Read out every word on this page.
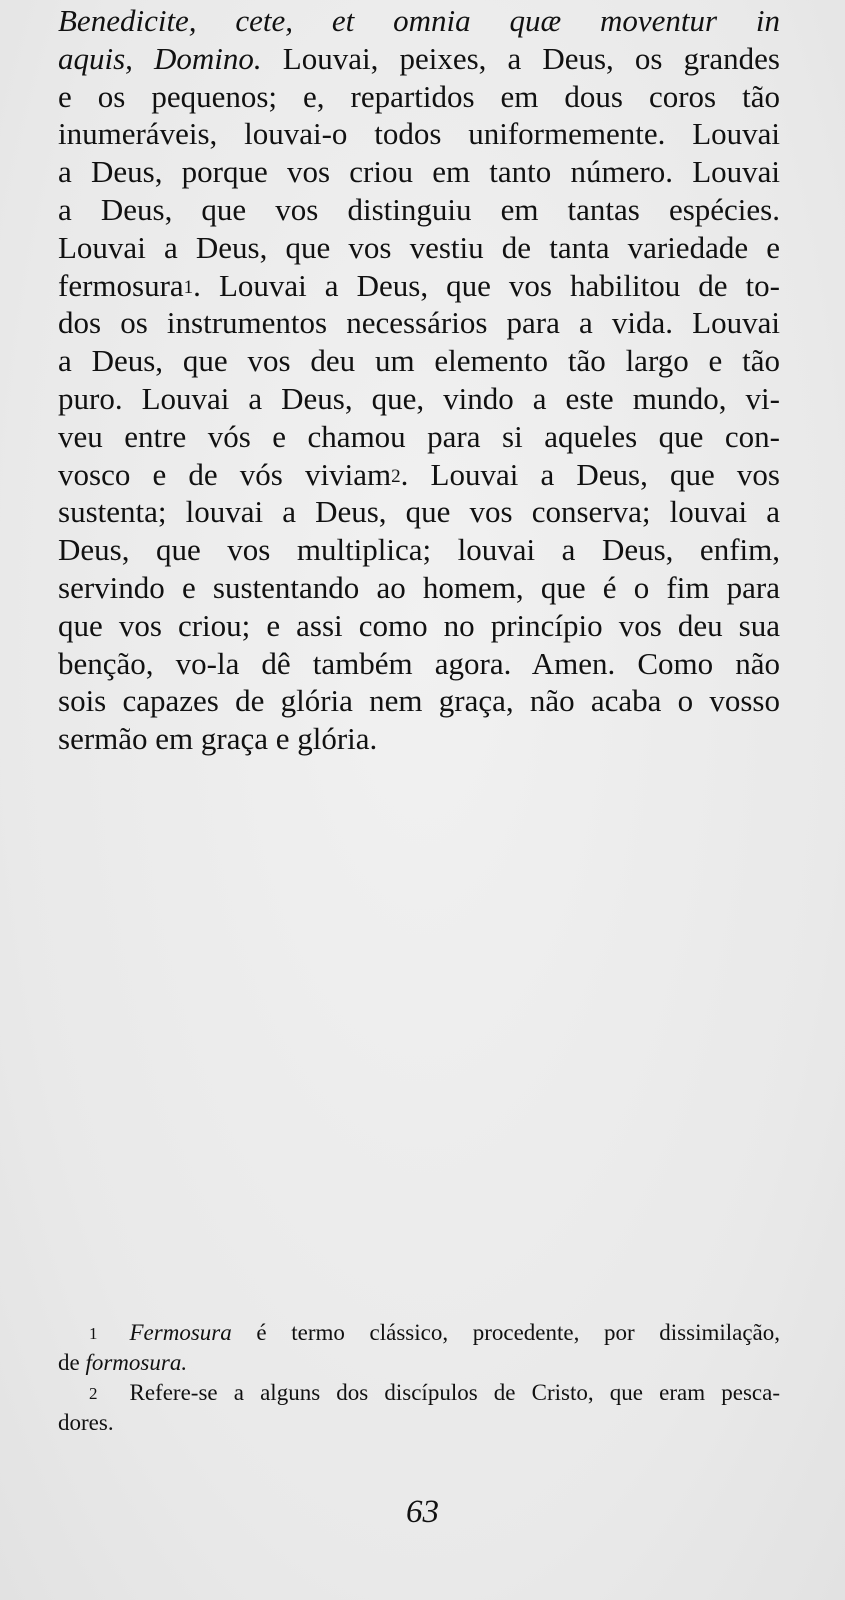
Benedicite, cete, et omnia quæ moventur in
aquis, Domino. Louvai, peixes, a Deus, os grandes
e os pequenos; e, repartidos em dous coros tão
inumeráveis, louvai-o todos uniformemente. Louvai
a Deus, porque vos criou em tanto número. Louvai
a Deus, que vos distinguiu em tantas espécies.
Louvai a Deus, que vos vestiu de tanta variedade e
fermosura$^1$. Louvai a Deus, que vos habilitou de to-
dos os instrumentos necessários para a vida. Louvai
a Deus, que vos deu um elemento tão largo e tão
puro. Louvai a Deus, que, vindo a este mundo, vi-
veu entre vós e chamou para si aqueles que con-
vosco e de vós viviam$^2$. Louvai a Deus, que vos
sustenta; louvai a Deus, que vos conserva; louvai a
Deus, que vos multiplica; louvai a Deus, enfim,
servindo e sustentando ao homem, que é o fim para
que vos criou; e assi como no princípio vos deu sua
benção, vo-la dê também agora. Amen. Como não
sois capazes de glória nem graça, não acaba o vosso
sermão em graça e glória.
$^1$ Fermosura é termo clássico, procedente, por dissimilação,
de formosura.
$^2$ Refere-se a alguns dos discípulos de Cristo, que eram pesca-
dores.
63
